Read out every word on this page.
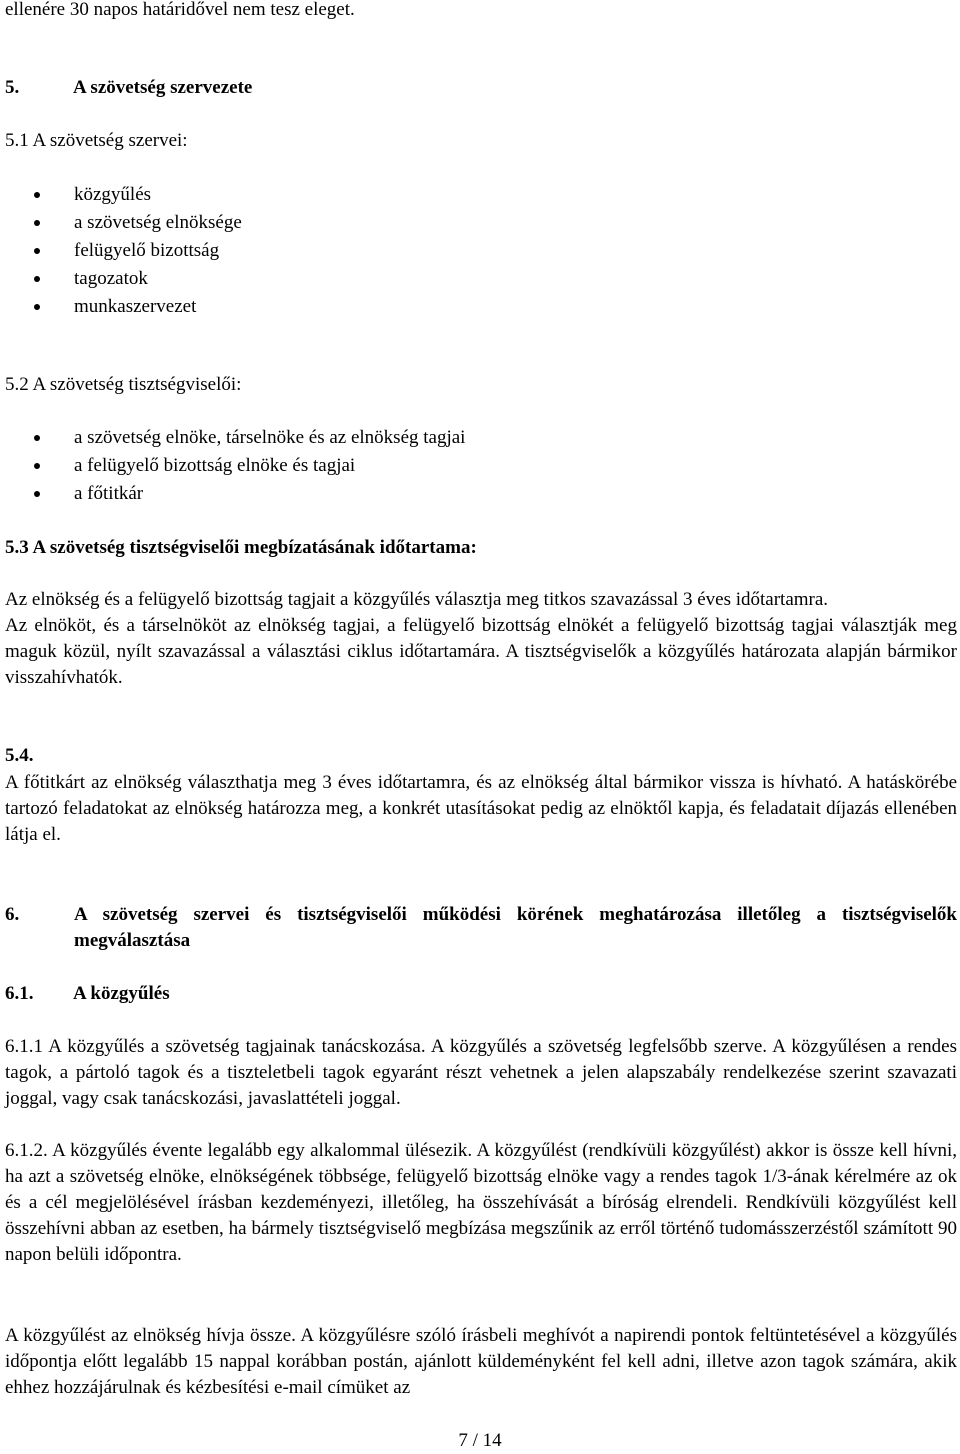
ellenére 30 napos határidővel nem tesz eleget.

5.	A szövetség szervezete
5.1 A szövetség szervei:
közgyűlés
a szövetség elnöksége
felügyelő bizottság
tagozatok
munkaszervezet
5.2 A szövetség tisztségviselői:
a szövetség elnöke, társelnöke és az elnökség tagjai
a felügyelő bizottság elnöke és tagjai
a főtitkár
5.3 A szövetség tisztségviselői megbízatásának időtartama:

Az elnökség és a felügyelő bizottság tagjait a közgyűlés választja meg titkos szavazással 3 éves időtartamra.

Az elnököt, és a társelnököt az elnökség tagjai, a felügyelő bizottság elnökét a felügyelő bizottság tagjai választják meg maguk közül, nyílt szavazással a választási ciklus időtartamára. A tisztségviselők a közgyűlés határozata alapján bármikor visszahívhatók.

5.4.

A főtitkárt az elnökség választhatja meg 3 éves időtartamra, és az elnökség által bármikor vissza is hívható. A hatáskörébe tartozó feladatokat az elnökség határozza meg, a konkrét utasításokat pedig az elnöktől kapja, és feladatait díjazás ellenében látja el.

6.	A szövetség szervei és tisztségviselői működési körének meghatározása illetőleg a tisztségviselők megválasztása
6.1. A közgyűlés

6.1.1 A közgyűlés a szövetség tagjainak tanácskozása. A közgyűlés a szövetség legfelsőbb szerve. A közgyűlésen a rendes tagok, a pártoló tagok és a tiszteletbeli tagok egyaránt részt vehetnek a jelen alapszabály rendelkezése szerint szavazati joggal, vagy csak tanácskozási, javaslattételi joggal.

6.1.2. A közgyűlés évente legalább egy alkalommal ülésezik. A közgyűlést (rendkívüli közgyűlést) akkor is össze kell hívni, ha azt a szövetség elnöke, elnökségének többsége, felügyelő bizottság elnöke vagy a rendes tagok 1/3-ának kérelmére az ok és a cél megjelölésével írásban kezdeményezi, illetőleg, ha összehívását a bíróság elrendeli. Rendkívüli közgyűlést kell összehívni abban az esetben, ha bármely tisztségviselő megbízása megszűnik az erről történő tudomásszerzéstől számított 90 napon belüli időpontra.

A közgyűlést az elnökség hívja össze. A közgyűlésre szóló írásbeli meghívót a napirendi pontok feltüntetésével a közgyűlés időpontja előtt legalább 15 nappal korábban postán, ajánlott küldeményként fel kell adni, illetve azon tagok számára, akik ehhez hozzájárulnak és kézbesítési e-mail címüket az

7 / 14
